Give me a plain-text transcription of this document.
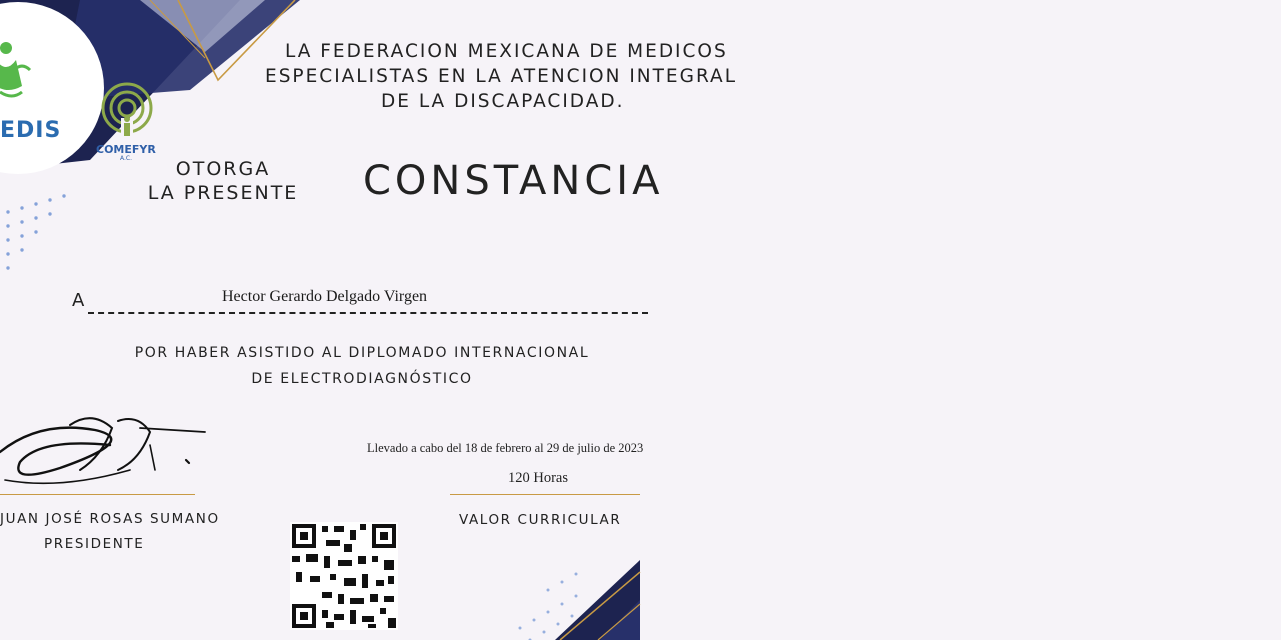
EDIS
COMEFYR
A.C.
LA FEDERACION MEXICANA DE MEDICOS
ESPECIALISTAS EN LA ATENCION INTEGRAL
DE LA DISCAPACIDAD.
OTORGA
LA PRESENTE	CONSTANCIA
A	Hector Gerardo Delgado Virgen
POR HABER ASISTIDO AL DIPLOMADO INTERNACIONAL
DE ELECTRODIAGNÓSTICO
JUAN JOSÉ ROSAS SUMANO
PRESIDENTE
Llevado a cabo del 18 de febrero al 29 de julio de 2023
120 Horas
VALOR CURRICULAR
